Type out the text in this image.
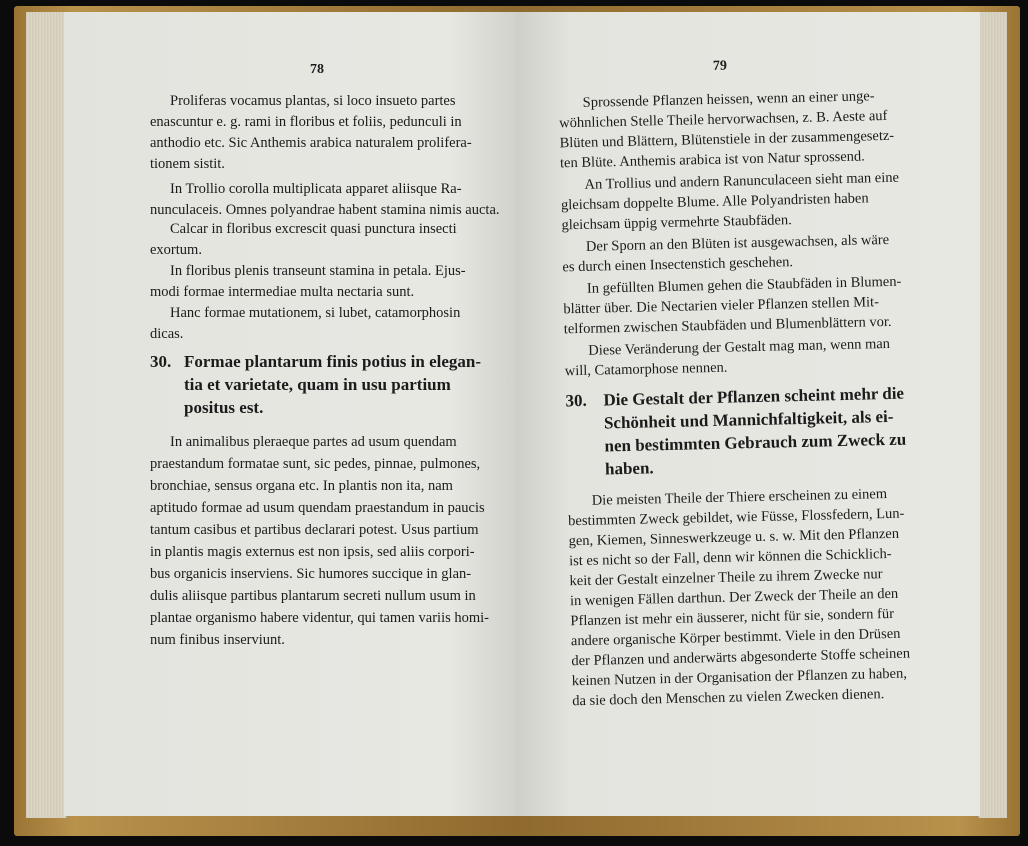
78
Proliferas vocamus plantas, si loco insueto partes
enascuntur e. g. rami in floribus et foliis, pedunculi in
anthodio etc. Sic Anthemis arabica naturalem prolifera-
tionem sistit.
In Trollio corolla multiplicata apparet aliisque Ra-
nunculaceis. Omnes polyandrae habent stamina nimis aucta.
Calcar in floribus excrescit quasi punctura insecti
exortum.
In floribus plenis transeunt stamina in petala. Ejus-
modi formae intermediae multa nectaria sunt.
Hanc formae mutationem, si lubet, catamorphosin
dicas.
30. Formae plantarum finis potius in elegan-
tia et varietate, quam in usu partium
positus est.
In animalibus pleraeque partes ad usum quendam
praestandum formatae sunt, sic pedes, pinnae, pulmones,
bronchiae, sensus organa etc. In plantis non ita, nam
aptitudo formae ad usum quendam praestandum in paucis
tantum casibus et partibus declarari potest. Usus partium
in plantis magis externus est non ipsis, sed aliis corpori-
bus organicis inserviens. Sic humores succique in glan-
dulis aliisque partibus plantarum secreti nullum usum in
plantae organismo habere videntur, qui tamen variis homi-
num finibus inserviunt.
79
Sprossende Pflanzen heissen, wenn an einer unge-
wöhnlichen Stelle Theile hervorwachsen, z. B. Aeste auf
Blüten und Blättern, Blütenstiele in der zusammengesetz-
ten Blüte. Anthemis arabica ist von Natur sprossend.
An Trollius und andern Ranunculaceen sieht man eine
gleichsam doppelte Blume. Alle Polyandristen haben
gleichsam üppig vermehrte Staubfäden.
Der Sporn an den Blüten ist ausgewachsen, als wäre
es durch einen Insectenstich geschehen.
In gefüllten Blumen gehen die Staubfäden in Blumen-
blätter über. Die Nectarien vieler Pflanzen stellen Mit-
telformen zwischen Staubfäden und Blumenblättern vor.
Diese Veränderung der Gestalt mag man, wenn man
will, Catamorphose nennen.
30. Die Gestalt der Pflanzen scheint mehr die
Schönheit und Mannichfaltigkeit, als ei-
nen bestimmten Gebrauch zum Zweck zu
haben.
Die meisten Theile der Thiere erscheinen zu einem
bestimmten Zweck gebildet, wie Füsse, Flossfedern, Lun-
gen, Kiemen, Sinneswerkzeuge u. s. w. Mit den Pflanzen
ist es nicht so der Fall, denn wir können die Schicklich-
keit der Gestalt einzelner Theile zu ihrem Zwecke nur
in wenigen Fällen darthun. Der Zweck der Theile an den
Pflanzen ist mehr ein äusserer, nicht für sie, sondern für
andere organische Körper bestimmt. Viele in den Drüsen
der Pflanzen und anderwärts abgesonderte Stoffe scheinen
keinen Nutzen in der Organisation der Pflanzen zu haben,
da sie doch den Menschen zu vielen Zwecken dienen.
